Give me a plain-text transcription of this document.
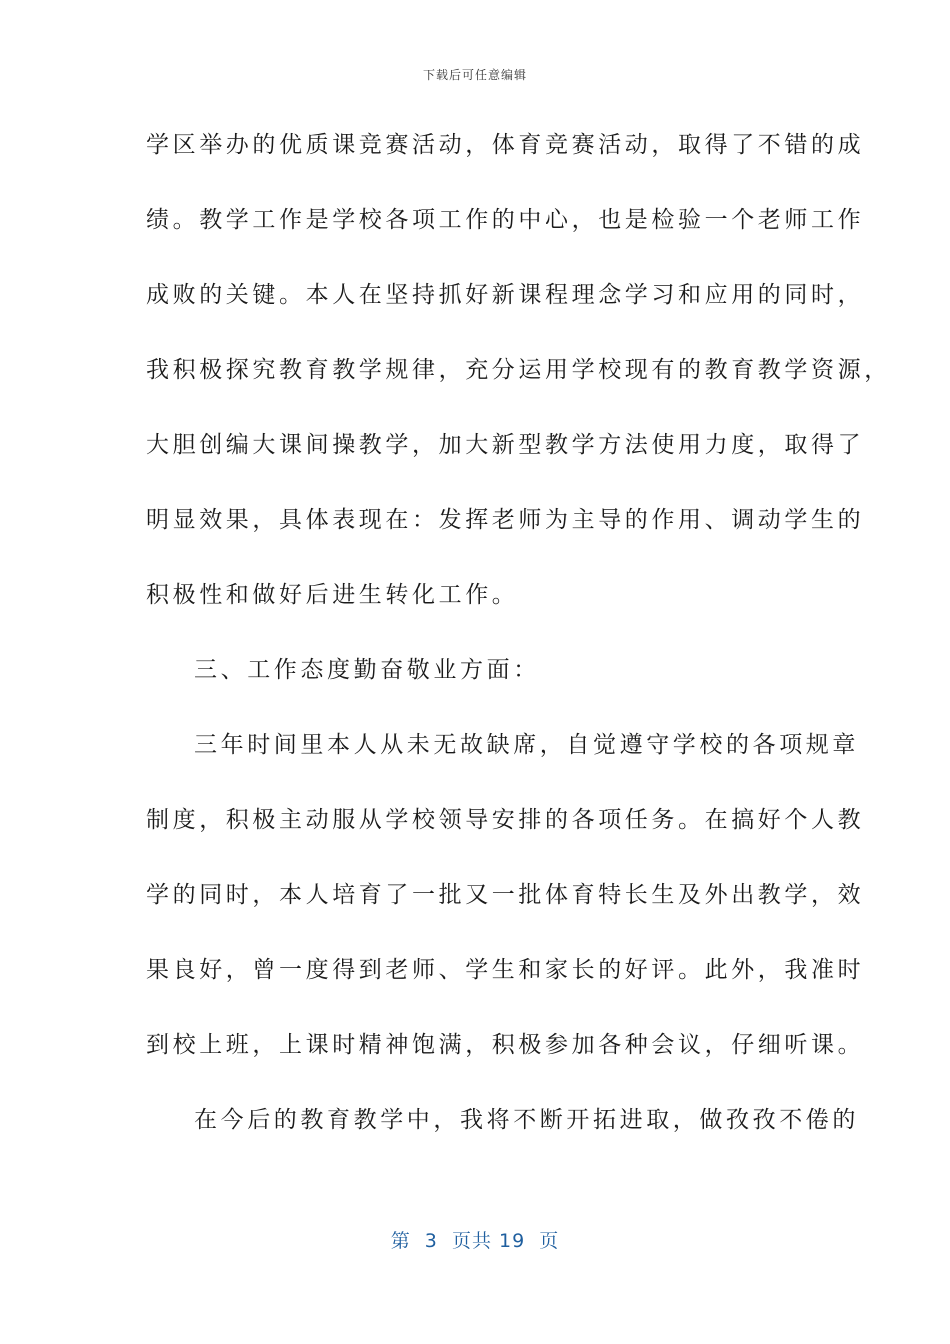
下载后可任意编辑
学区举办的优质课竞赛活动，体育竞赛活动，取得了不错的成
绩。教学工作是学校各项工作的中心，也是检验一个老师工作
成败的关键。本人在坚持抓好新课程理念学习和应用的同时，
我积极探究教育教学规律，充分运用学校现有的教育教学资源，
大胆创编大课间操教学，加大新型教学方法使用力度，取得了
明显效果，具体表现在：发挥老师为主导的作用、调动学生的
积极性和做好后进生转化工作。
三、工作态度勤奋敬业方面：
三年时间里本人从未无故缺席，自觉遵守学校的各项规章
制度，积极主动服从学校领导安排的各项任务。在搞好个人教
学的同时，本人培育了一批又一批体育特长生及外出教学，效
果良好，曾一度得到老师、学生和家长的好评。此外，我准时
到校上班，上课时精神饱满，积极参加各种会议，仔细听课。
在今后的教育教学中，我将不断开拓进取，做孜孜不倦的
第  3  页共 19  页
